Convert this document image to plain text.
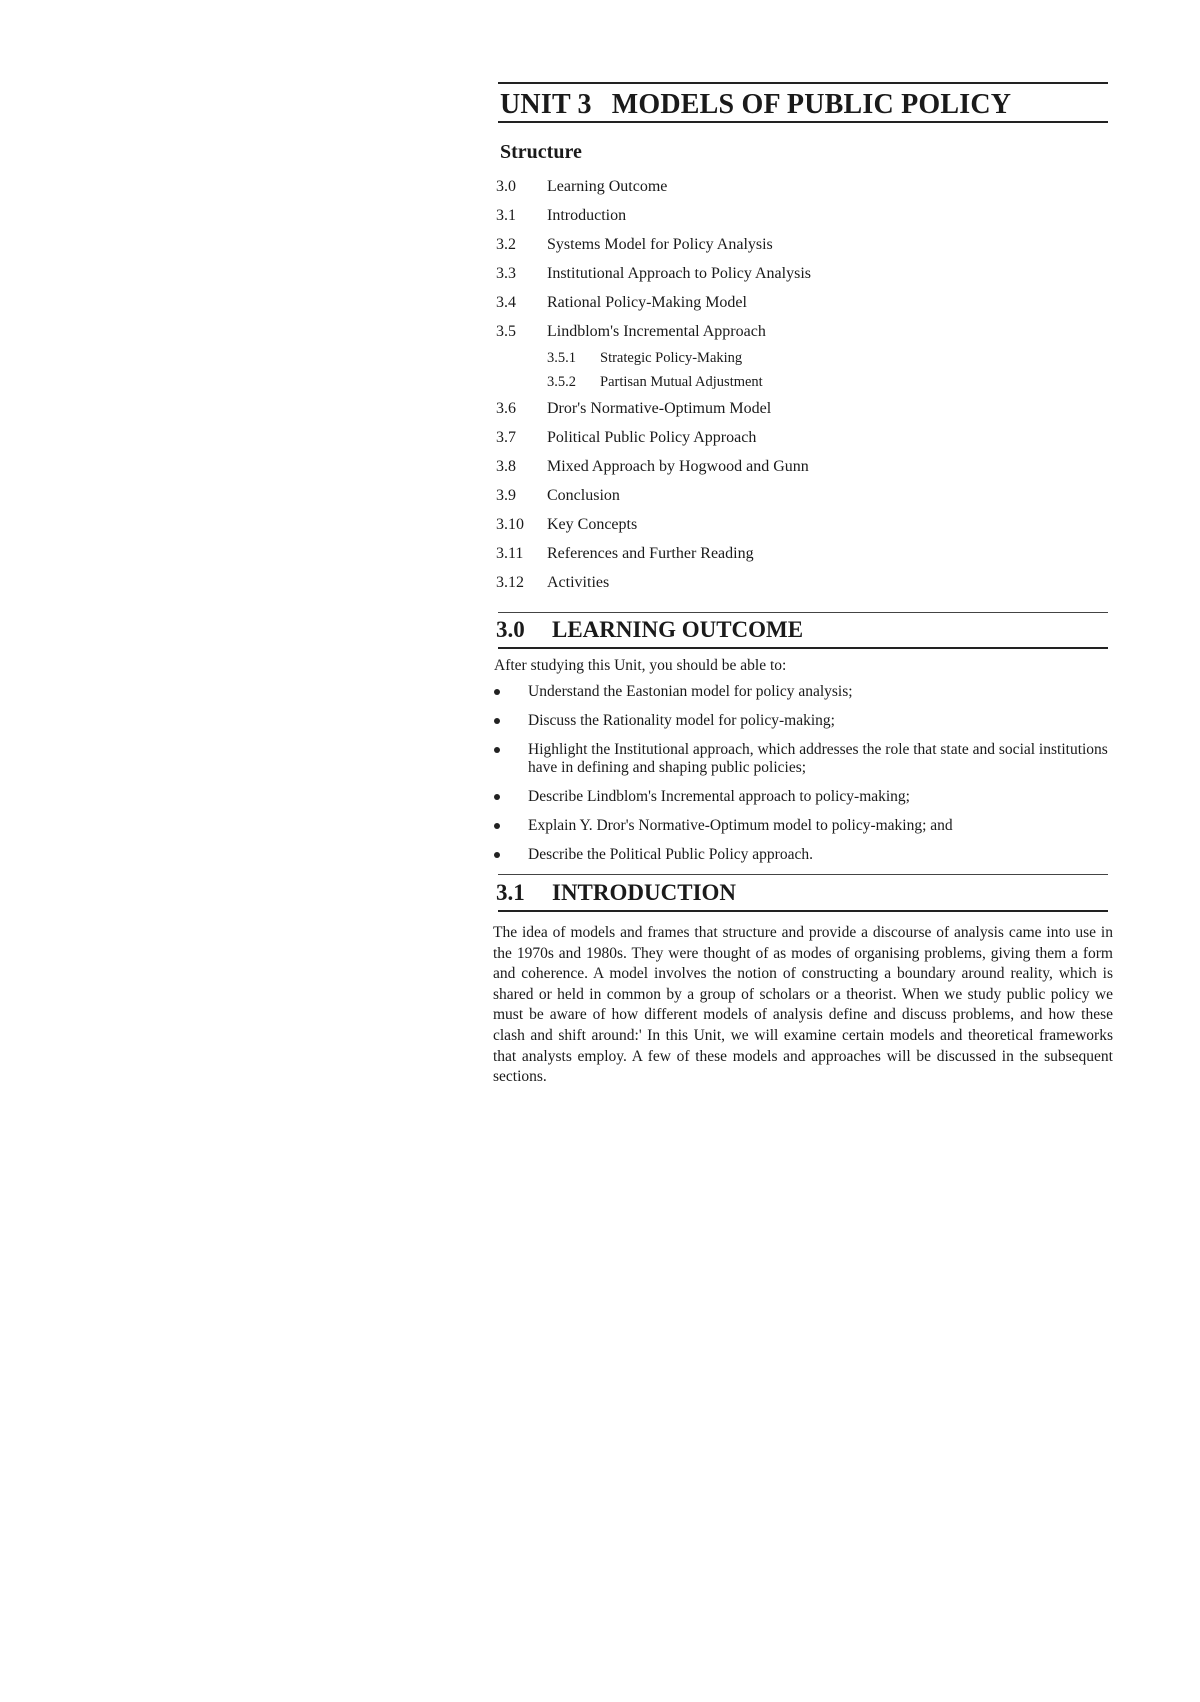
UNIT 3 MODELS OF PUBLIC POLICY
Structure
3.0	Learning Outcome
3.1	Introduction
3.2	Systems Model for Policy Analysis
3.3	Institutional Approach to Policy Analysis
3.4	Rational Policy-Making Model
3.5	Lindblom's Incremental Approach
3.5.1	Strategic Policy-Making
3.5.2	Partisan Mutual Adjustment
3.6	Dror's Normative-Optimum Model
3.7	Political Public Policy Approach
3.8	Mixed Approach by Hogwood and Gunn
3.9	Conclusion
3.10	Key Concepts
3.11	References and Further Reading
3.12	Activities
3.0 LEARNING OUTCOME
After studying this Unit, you should be able to:
Understand the Eastonian model for policy analysis;
Discuss the Rationality model for policy-making;
Highlight the Institutional approach, which addresses the role that state and social institutions have in defining and shaping public policies;
Describe Lindblom's Incremental approach to policy-making;
Explain Y. Dror's Normative-Optimum model to policy-making; and
Describe the Political Public Policy approach.
3.1 INTRODUCTION
The idea of models and frames that structure and provide a discourse of analysis came into use in the 1970s and 1980s. They were thought of as modes of organising problems, giving them a form and coherence. A model involves the notion of constructing a boundary around reality, which is shared or held in common by a group of scholars or a theorist. When we study public policy we must be aware of how different models of analysis define and discuss problems, and how these clash and shift around:' In this Unit, we will examine certain models and theoretical frameworks that analysts employ. A few of these models and approaches will be discussed in the subsequent sections.
